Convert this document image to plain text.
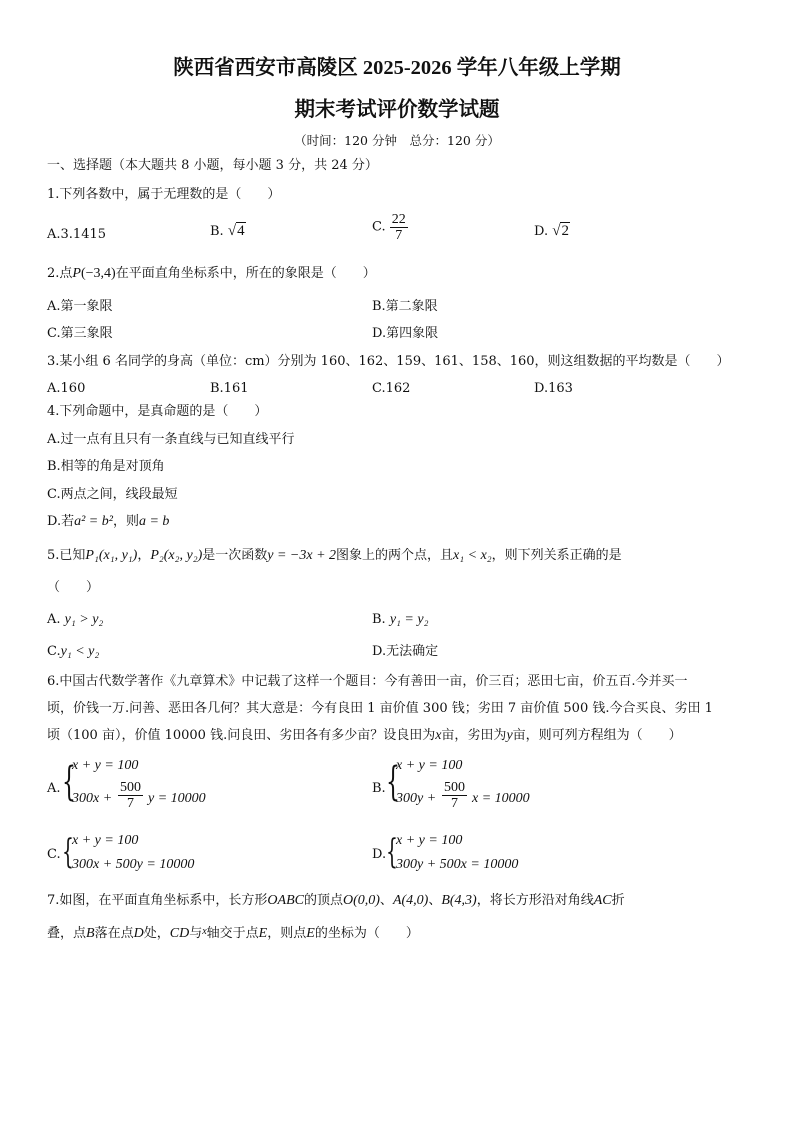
陕西省西安市高陵区 2025-2026 学年八年级上学期
期末考试评价数学试题
（时间：120 分钟　总分：120 分）
一、选择题（本大题共 8 小题，每小题 3 分，共 24 分）
1.下列各数中，属于无理数的是（　　）
A.3.1415	B. √4	C. $\frac{22}{7}$	D. √2
2.点P(−3,4)在平面直角坐标系中，所在的象限是（　　）
A.第一象限	B.第二象限
C.第三象限	D.第四象限
3.某小组 6 名同学的身高（单位：cm）分别为 160、162、159、161、158、160，则这组数据的平均数是（　　）
A.160	B.161	C.162	D.163
4.下列命题中，是真命题的是（　　）
A.过一点有且只有一条直线与已知直线平行
B.相等的角是对顶角
C.两点之间，线段最短
D.若a² = b²，则a = b
5.已知P₁(x₁, y₁)，P₂(x₂, y₂)是一次函数y = −3x + 2图象上的两个点，且x₁ < x₂，则下列关系正确的是
（　　）
A. y₁ > y₂	B. y₁ = y₂
C.y₁ < y₂	D.无法确定
6.中国古代数学著作《九章算术》中记载了这样一个题目：今有善田一亩，价三百；恶田七亩，价五百.今并买一
顷，价钱一万.问善、恶田各几何？其大意是：今有良田 1 亩价值 300 钱；劣田 7 亩价值 500 钱.今合买良、劣田 1
顷（100 亩），价值 10000 钱.问良田、劣田各有多少亩？设良田为x亩，劣田为y亩，则可列方程组为（　　）
A. {
x + y = 100
$300x + \frac{500}{7}$ y = 10000
B. {
x + y = 100
$300y + \frac{500}{7}$ x = 10000
C. {
x + y = 100
300x + 500y = 10000
D. {
x + y = 100
300y + 500x = 10000
7.如图，在平面直角坐标系中，长方形OABC的顶点O(0,0)、A(4,0)、B(4,3)，将长方形沿对角线AC折
叠，点B落在点D处，CD与$^x$轴交于点E，则点E的坐标为（　　）
